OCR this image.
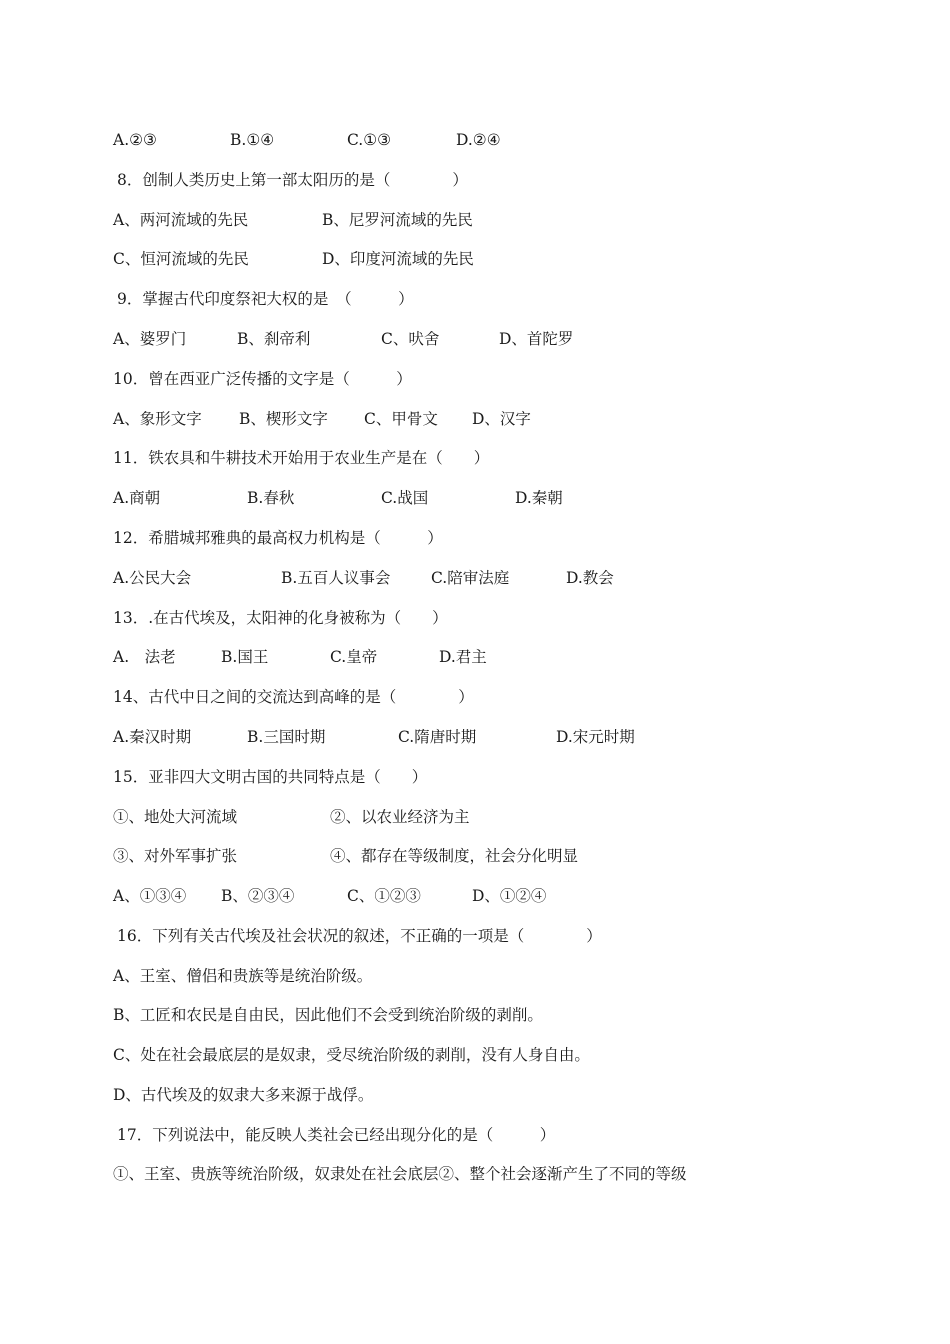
A.②③	B.①④	C.①③	D.②④
8．创制人类历史上第一部太阳历的是（　　　　）
A、两河流域的先民	B、尼罗河流域的先民
C、恒河流域的先民	D、印度河流域的先民
9．掌握古代印度祭祀大权的是　（　　　）
A、婆罗门	B、刹帝利	C、吠舍	D、首陀罗
10．曾在西亚广泛传播的文字是（　　　）
A、象形文字 B、楔形文字 C、甲骨文 D、汉字
11．铁农具和牛耕技术开始用于农业生产是在（　　）
A.商朝	B.春秋	C.战国	D.秦朝
12．希腊城邦雅典的最高权力机构是（　　　）
A.公民大会	B.五百人议事会	C.陪审法庭	D.教会
13．.在古代埃及，太阳神的化身被称为（　　）
A.　法老	B.国王	C.皇帝	D.君主
14、古代中日之间的交流达到高峰的是（　　　　）
A.秦汉时期	B.三国时期	C.隋唐时期	D.宋元时期
15．亚非四大文明古国的共同特点是（　　）
①、地处大河流域	②、以农业经济为主
③、对外军事扩张	④、都存在等级制度，社会分化明显
A、①③④ B、②③④	C、①②③	D、①②④
16．下列有关古代埃及社会状况的叙述，不正确的一项是（　　　　）
A、王室、僧侣和贵族等是统治阶级。
B、工匠和农民是自由民，因此他们不会受到统治阶级的剥削。
C、处在社会最底层的是奴隶，受尽统治阶级的剥削，没有人身自由。
D、古代埃及的奴隶大多来源于战俘。
17．下列说法中，能反映人类社会已经出现分化的是（　　　）
①、王室、贵族等统治阶级，奴隶处在社会底层②、整个社会逐渐产生了不同的等级
